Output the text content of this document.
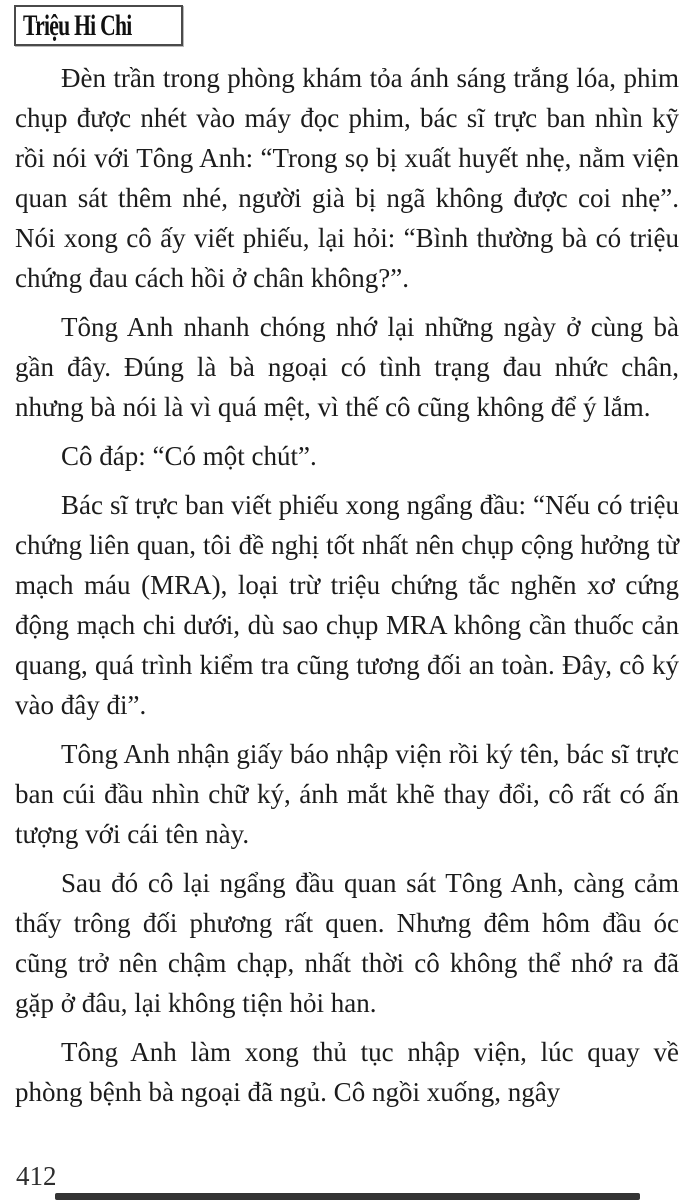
Triệu Hi Chi

Đèn trần trong phòng khám tỏa ánh sáng trắng lóa, phim chụp được nhét vào máy đọc phim, bác sĩ trực ban nhìn kỹ rồi nói với Tông Anh: “Trong sọ bị xuất huyết nhẹ, nằm viện quan sát thêm nhé, người già bị ngã không được coi nhẹ”. Nói xong cô ấy viết phiếu, lại hỏi: “Bình thường bà có triệu chứng đau cách hồi ở chân không?”.

Tông Anh nhanh chóng nhớ lại những ngày ở cùng bà gần đây. Đúng là bà ngoại có tình trạng đau nhức chân, nhưng bà nói là vì quá mệt, vì thế cô cũng không để ý lắm.

Cô đáp: “Có một chút”.

Bác sĩ trực ban viết phiếu xong ngẩng đầu: “Nếu có triệu chứng liên quan, tôi đề nghị tốt nhất nên chụp cộng hưởng từ mạch máu (MRA), loại trừ triệu chứng tắc nghẽn xơ cứng động mạch chi dưới, dù sao chụp MRA không cần thuốc cản quang, quá trình kiểm tra cũng tương đối an toàn. Đây, cô ký vào đây đi”.

Tông Anh nhận giấy báo nhập viện rồi ký tên, bác sĩ trực ban cúi đầu nhìn chữ ký, ánh mắt khẽ thay đổi, cô rất có ấn tượng với cái tên này.

Sau đó cô lại ngẩng đầu quan sát Tông Anh, càng cảm thấy trông đối phương rất quen. Nhưng đêm hôm đầu óc cũng trở nên chậm chạp, nhất thời cô không thể nhớ ra đã gặp ở đâu, lại không tiện hỏi han.

Tông Anh làm xong thủ tục nhập viện, lúc quay về phòng bệnh bà ngoại đã ngủ. Cô ngồi xuống, ngây

412
